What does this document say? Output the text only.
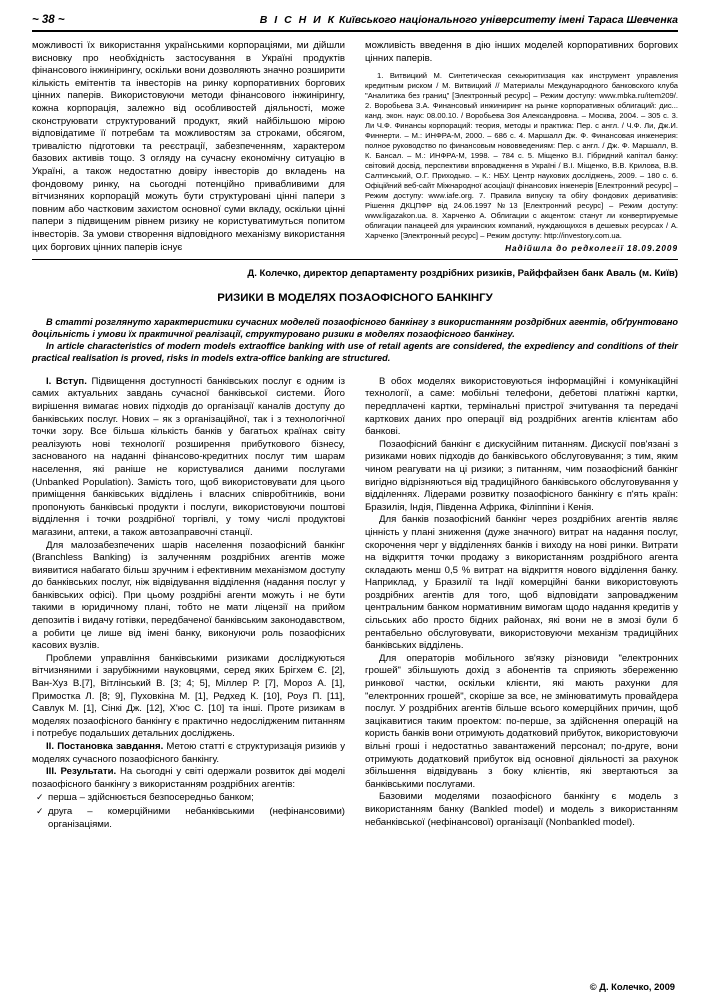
~ 38 ~	В І С Н И К Київського національного університету імені Тараса Шевченка

можливості їх використання українськими корпораціями, ми дійшли висновку про необхідність застосування в Україні продуктів фінансового інжинірингу, оскільки вони дозволяють значно розширити кількість емітентів та інвесторів на ринку корпоративних боргових цінних паперів. Використовуючи методи фінансового інжинірингу, кожна корпорація, залежно від особливостей діяльності, може сконструювати структурований продукт, який найбільшою мірою відповідатиме її потребам та можливостям за строками, обсягом, тривалістю підготовки та реєстрації, забезпеченням, характером базових активів тощо. З огляду на сучасну економічну ситуацію в Україні, а також недостатню довіру інвесторів до вкладень на фондовому ринку, на сьогодні потенційно привабливими для вітчизняних корпорацій можуть бути структуровані цінні папери з повним або частковим захистом основної суми вкладу, оскільки цінні папери з підвищеним рівнем ризику не користуватимуться попитом інвесторів. За умови створення відповідного механізму використання цих боргових цінних паперів існує

можливість введення в дію інших моделей корпоративних боргових цінних паперів.

1. Витвицкий М. Синтетическая секьюритизация как инструмент управления кредитным риском / М. Витвицкий // Материалы Международного банковского клуба "Аналитика без границ" [Электронный ресурс] – Режим доступу: www.mbka.ru/item209/. 2. Воробьева З.А. Финансовый инжиниринг на рынке корпоративных облигаций: дис... канд. экон. наук: 08.00.10. / Воробьева Зоя Александровна. – Москва, 2004. – 305 с. 3. Ли Ч.Ф. Финансы корпораций: теория, методы и практика: Пер. с англ. / Ч.Ф. Ли, Дж.И. Финнерти. – М.: ИНФРА-М, 2000. – 686 с. 4. Маршалл Дж. Ф. Финансовая инженерия: полное руководство по финансовым нововведениям: Пер. с англ. / Дж. Ф. Маршалл, В. К. Бансал. – М.: ИНФРА-М, 1998. – 784 с. 5. Міщенко В.І. Гібридний капітал банку: світовий досвід, перспективи впровадження в Україні / В.І. Міщенко, В.В. Крилова, В.В. Салтинський, О.Г. Приходько. – К.: НБУ. Центр наукових досліджень, 2009. – 180 с. 6. Офіційний веб-сайт Міжнародної асоціації фінансових інженерів [Електронний ресурс] – Режим доступу: www.iafe.org. 7. Правила випуску та обігу фондових деривативів: Рішення ДКЦПФР від 24.06.1997 №13 [Електронний ресурс] – Режим доступу: www.ligazakon.ua. 8. Харченко А. Облигации с акцентом: станут ли конвертируемые облигации панацеей для украинских компаний, нуждающихся в дешевых ресурсах / А. Харченко [Электронный ресурс] – Режим доступу: http://investory.com.ua.

Надійшла до редколегії 18.09.2009
Д. Колечко, директор департаменту роздрібних ризиків, Райффайзен банк Аваль (м. Київ)
РИЗИКИ В МОДЕЛЯХ ПОЗАОФІСНОГО БАНКІНГУ

В статті розглянуто характеристики сучасних моделей позаофісного банкінгу з використанням роздрібних агентів, обґрунтовано доцільність і умови їх практичної реалізації, структуровано ризики в моделях позаофісного банкінгу.

In article characteristics of modern models extraoffice banking with use of retail agents are considered, the expediency and conditions of their practical realisation is proved, risks in models extra-office banking are structured.

I. Вступ. Підвищення доступності банківських послуг є одним із самих актуальних завдань сучасної банківської системи. Його вирішення вимагає нових підходів до організації каналів доступу до банківських послуг. Нових – як з організаційної, так і з технологічної точки зору. Все більша кількість банків у багатьох країнах світу реалізують нові технології розширення прибуткового бізнесу, заснованого на наданні фінансово-кредитних послуг тим шарам населення, які раніше не користувалися даними послугами (Unbanked Population). Замість того, щоб використовувати для цього приміщення банківських відділень і власних співробітників, вони пропонують банківські продукти і послуги, використовуючи поштові відділення і точки роздрібної торгівлі, у тому числі продуктові магазини, аптеки, а також автозаправочні станції.

Для малозабезпечених шарів населення позаофісний банкінг (Branchless Banking) із залученням роздрібних агентів може виявитися набагато більш зручним і ефективним механізмом доступу до банківських послуг, ніж відвідування відділення (надання послуг у банківських офісі). При цьому роздрібні агенти можуть і не бути такими в юридичному плані, тобто не мати ліцензії на прийом депозитів і видачу готівки, передбаченої банківським законодавством, а робити це лише від імені банку, виконуючи роль позаофісних касових вузлів.

Проблеми управління банківськими ризиками досліджуються вітчизняними і зарубіжними науковцями, серед яких Брігхем Є. [2], Ван-Хуз В.[7], Вітлінський В. [3; 4; 5], Міллер Р. [7], Мороз А. [1], Примостка Л. [8; 9], Пуховкіна М. [1], Редхед К. [10], Роуз П. [11], Савлук М. [1], Сінкі Дж. [12], Х'юс С. [10] та інші. Проте ризикам в моделях позаофісного банкінгу є практично недослідженим питанням і потребує подальших детальних досліджень.

II. Постановка завдання. Метою статті є структуризація ризиків у моделях сучасного позаофісного банкінгу.

III. Результати. На сьогодні у світі одержали розвиток дві моделі позаофісного банкінгу з використанням роздрібних агентів:

✓ перша – здійснюється безпосередньо банком;

✓ друга – комерційними небанківськими (нефінансовими) організаціями.

В обох моделях використовуються інформаційні і комунікаційні технології, а саме: мобільні телефони, дебетові платіжні картки, передплачені картки, термінальні пристрої зчитування та передачі карткових даних про операції від роздрібних агентів клієнтам або банкові.

Позаофісний банкінг є дискусійним питанням. Дискусії пов'язані з ризиками нових підходів до банківського обслуговування; з тим, яким чином реагувати на ці ризики; з питанням, чим позаофісний банкінг вигідно відрізняються від традиційного банківського обслуговування у відділеннях. Лідерами розвитку позаофісного банкінгу є п'ять країн: Бразилія, Індія, Південна Африка, Філіппіни і Кенія.

Для банків позаофісний банкінг через роздрібних агентів являє цінність у плані зниження (дуже значного) витрат на надання послуг, скорочення черг у відділеннях банків і виходу на нові ринки. Витрати на відкриття точки продажу з використанням роздрібного агента складають менш 0,5 % витрат на відкриття нового відділення банку. Наприклад, у Бразилії та Індії комерційні банки використовують роздрібних агентів для того, щоб відповідати запровадженим центральним банком нормативним вимогам щодо надання кредитів у сільських або просто бідних районах, які вони не в змозі були б рентабельно обслуговувати, використовуючи механізм традиційних банківських відділень.

Для операторів мобільного зв'язку різновиди "електронних грошей" збільшують дохід з абонентів та сприяють збереженню ринкової частки, оскільки клієнти, які мають рахунки для "електронних грошей", скоріше за все, не змінюватимуть провайдера послуг. У роздрібних агентів більше всього комерційних причин, щоб зацікавитися таким проектом: по-перше, за здійснення операцій на користь банків вони отримують додатковий прибуток, використовуючи вільні гроші і недостатньо завантажений персонал; по-друге, вони отримують додатковий прибуток від основної діяльності за рахунок збільшення відвідувань з боку клієнтів, які звертаються за банківськими послугами.

Базовими моделями позаофісного банкінгу є модель з використанням банку (Bankled model) и модель з використанням небанківської (нефінансової) організації (Nonbankled model).

© Д. Колечко, 2009
